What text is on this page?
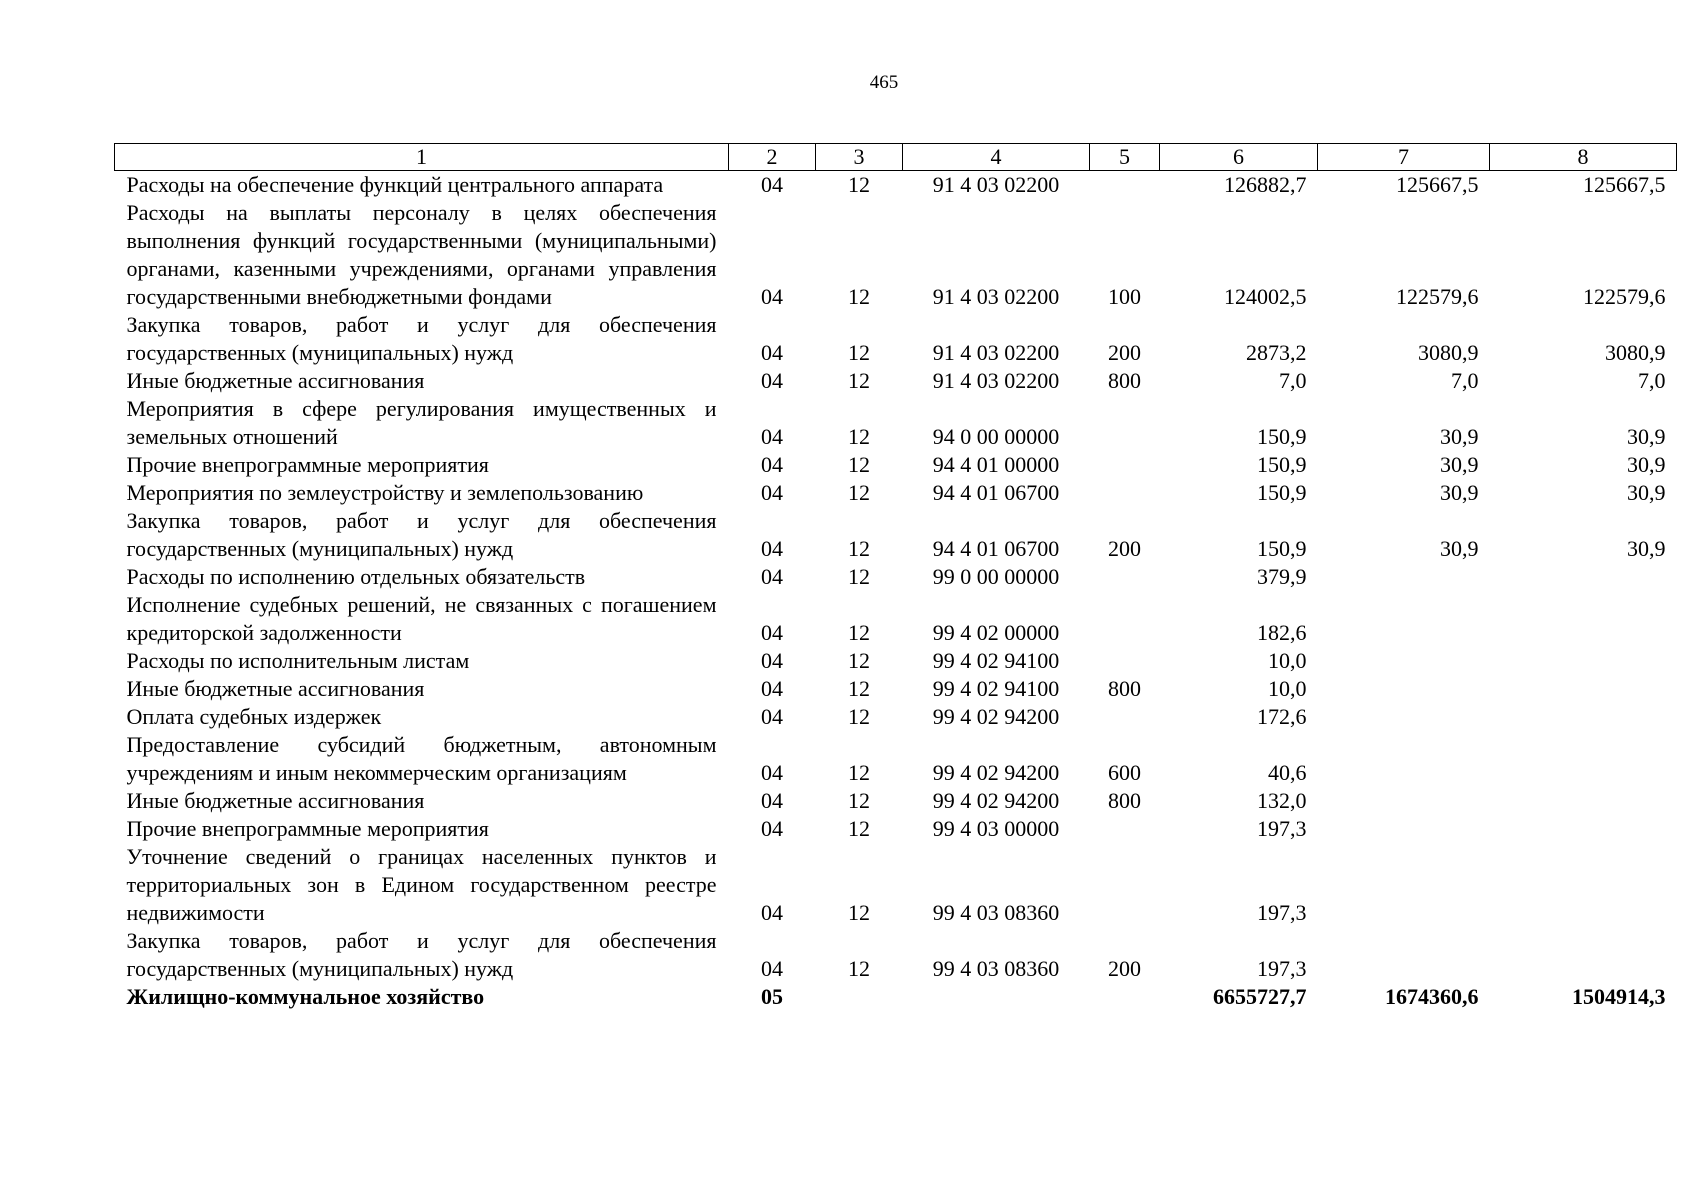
465
1	2	3	4	5	6	7	8
Расходы на обеспечение функций центрального аппарата	04	12	91 4 03 02200		126882,7	125667,5	125667,5
Расходы на выплаты персоналу в целях обеспечения выполнения функций государственными (муниципальными) органами, казенными учреждениями, органами управления государственными внебюджетными фондами	04	12	91 4 03 02200	100	124002,5	122579,6	122579,6
Закупка товаров, работ и услуг для обеспечения государственных (муниципальных) нужд	04	12	91 4 03 02200	200	2873,2	3080,9	3080,9
Иные бюджетные ассигнования	04	12	91 4 03 02200	800	7,0	7,0	7,0
Мероприятия в сфере регулирования имущественных и земельных отношений	04	12	94 0 00 00000		150,9	30,9	30,9
Прочие внепрограммные мероприятия	04	12	94 4 01 00000		150,9	30,9	30,9
Мероприятия по землеустройству и землепользованию	04	12	94 4 01 06700		150,9	30,9	30,9
Закупка товаров, работ и услуг для обеспечения государственных (муниципальных) нужд	04	12	94 4 01 06700	200	150,9	30,9	30,9
Расходы по исполнению отдельных обязательств	04	12	99 0 00 00000		379,9		
Исполнение судебных решений, не связанных с погашением кредиторской задолженности	04	12	99 4 02 00000		182,6		
Расходы по исполнительным листам	04	12	99 4 02 94100		10,0		
Иные бюджетные ассигнования	04	12	99 4 02 94100	800	10,0		
Оплата судебных издержек	04	12	99 4 02 94200		172,6		
Предоставление субсидий бюджетным, автономным учреждениям и иным некоммерческим организациям	04	12	99 4 02 94200	600	40,6		
Иные бюджетные ассигнования	04	12	99 4 02 94200	800	132,0		
Прочие внепрограммные мероприятия	04	12	99 4 03 00000		197,3		
Уточнение сведений о границах населенных пунктов и территориальных зон в Едином государственном реестре недвижимости	04	12	99 4 03 08360		197,3		
Закупка товаров, работ и услуг для обеспечения государственных (муниципальных) нужд	04	12	99 4 03 08360	200	197,3		
Жилищно-коммунальное хозяйство	05				6655727,7	1674360,6	1504914,3
